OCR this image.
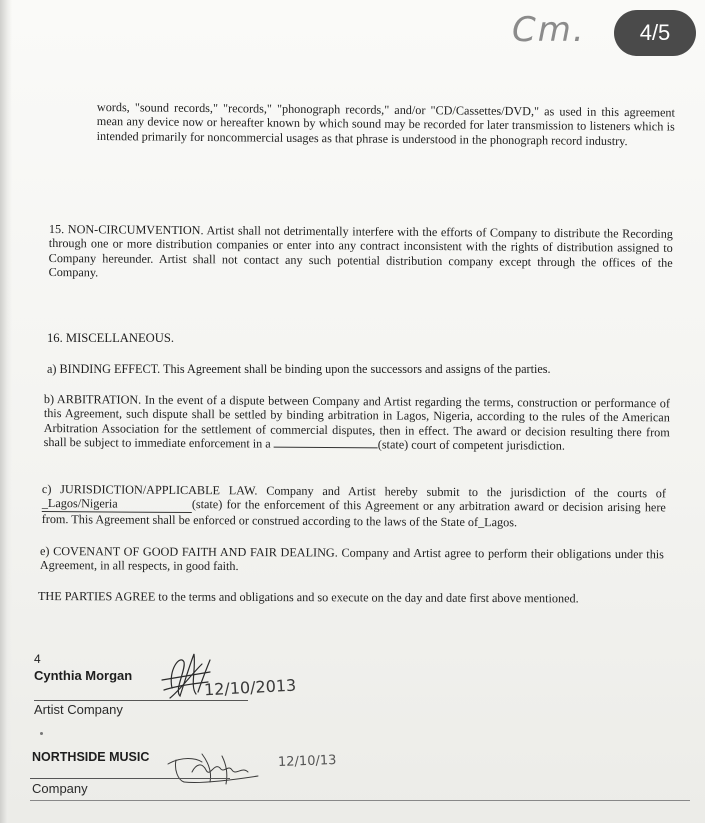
Cm.	4/5

words, "sound records," "records," "phonograph records," and/or "CD/Cassettes/DVD," as used in this agreement mean any device now or hereafter known by which sound may be recorded for later transmission to listeners which is intended primarily for noncommercial usages as that phrase is understood in the phonograph record industry.

15. NON-CIRCUMVENTION. Artist shall not detrimentally interfere with the efforts of Company to distribute the Recording through one or more distribution companies or enter into any contract inconsistent with the rights of distribution assigned to Company hereunder. Artist shall not contact any such potential distribution company except through the offices of the Company.

16. MISCELLANEOUS.

a) BINDING EFFECT. This Agreement shall be binding upon the successors and assigns of the parties.

b) ARBITRATION. In the event of a dispute between Company and Artist regarding the terms, construction or performance of this Agreement, such dispute shall be settled by binding arbitration in Lagos, Nigeria, according to the rules of the American Arbitration Association for the settlement of commercial disputes, then in effect. The award or decision resulting there from shall be subject to immediate enforcement in a	(state) court of competent jurisdiction.

c) JURISDICTION/APPLICABLE LAW. Company and Artist hereby submit to the jurisdiction of the courts of _Lagos/Nigeria	(state) for the enforcement of this Agreement or any arbitration award or decision arising here from. This Agreement shall be enforced or construed according to the laws of the State of_Lagos.

e) COVENANT OF GOOD FAITH AND FAIR DEALING. Company and Artist agree to perform their obligations under this Agreement, in all respects, in good faith.

THE PARTIES AGREE to the terms and obligations and so execute on the day and date first above mentioned.

4
Cynthia Morgan
12/10/2013
Artist Company
NORTHSIDE MUSIC	12/10/13
Company
